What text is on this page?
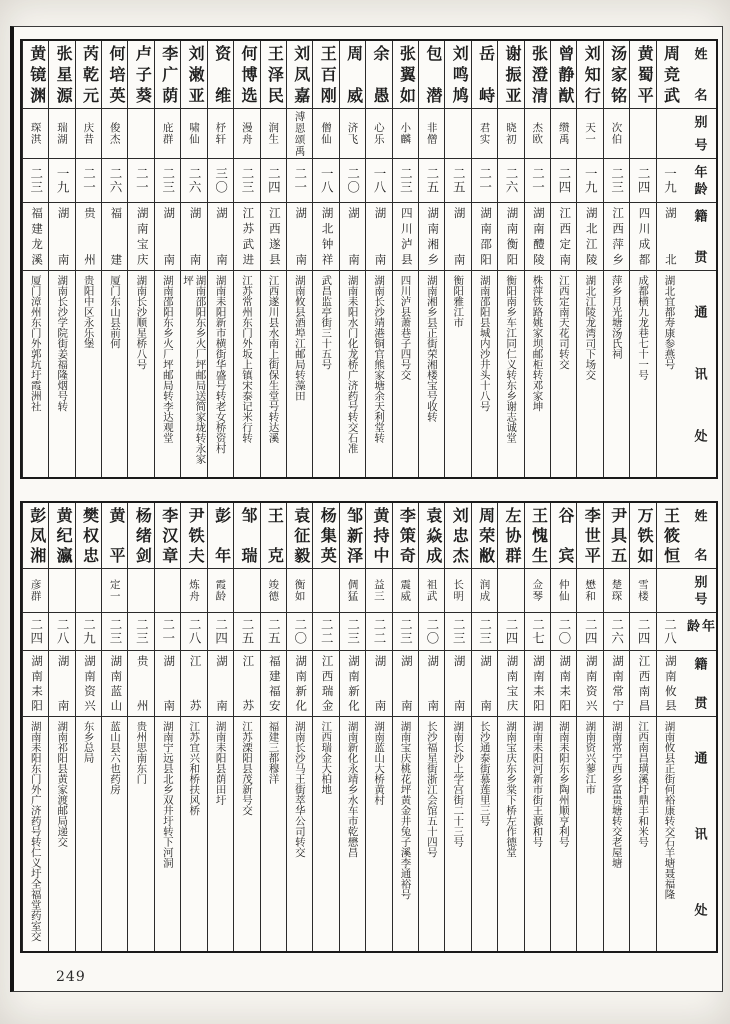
姓名
别号
年龄
籍贯
通讯处
周竞武
一九
湖北
湖北宜都寿康参燕号
黄蜀平
二四
四川成都
成都横九龙巷七十一号
汤家铭
次伯
二三
江西萍乡
萍乡月光塘汤氏祠
刘知行
天一
一九
湖北江陵
湖北江陵龙湾司下场交
曾静猷
缵禹
二四
江西定南
江西定南天花司转交
张澄清
杰欧
二一
湖南醴陵
株萍铁路姚家坝邮柜转邓家坤
谢振亚
晓初
二六
湖南衡阳
衡阳南乡车江同仁义转东乡谢志诚堂
岳峙
君实
二一
湖南邵阳
湖南邵阳县城内沙井头十八号
刘鸣鸠
二五
湖南
衡阳雅江市
包潜
非僧
二五
湖南湘乡
湖南湘乡县正街荣湘楼宝号收转
张翼如
小麟
二三
四川泸县
四川泸县萧巷子四号交
余愚
心乐
一八
湖南
湖南长沙靖港铜官熊家塘余天利堂转
周威
济飞
二〇
湖南
湖南耒阳水门化龙桥广济药号转交石准
王百刚
僧仙
一八
湖北钟祥
武昌监亭街三十五号
刘凤嘉
溥恩颂禹
二一
湖南
湖南攸县酒埠江邮局转藻田
王泽民
润生
二四
江西遂县
江西遂川县水南上街保生堂号转达溪
何博选
漫舟
二三
江苏武进
江苏常州东门外坂上镇宋泰记米行转
资维
杼轩
三〇
湖南
湖南耒阳新市横街华盛号转老女桥资村
刘潄亚
啸仙
二六
湖南
湖南邵阳东乡火厂坪邮局送简家垅转永家坪
李广荫
庇群
二三
湖南
湖南邵阳东乡火厂坪邮局转李达观堂
卢子葵
二一
湖南宝庆
湖南长沙顺星桥八号
何培英
俊杰
二六
福建
厦门东山县前何
芮乾元
庆昔
二一
贵州
贵阳中区永乐堡
张星源
瑞湖
一九
湖南
湖南长沙学院街姜福隆烟号转
黄镜渊
琛淇
二三
福建龙溪
厦门漳州东门外郭坑圩霞洲社
姓名
别号
年龄
籍贯
通讯处
王筱恒
二八
湖南攸县
湖南攸县正街何裕康转交石羊塘聂福隆
万铁如
雪楼
二四
江西南昌
江西南昌璜溪圩鼎丰和米号
尹具五
楚琛
二六
湖南常宁
湖南常宁西乡富贵塘转交老屋塘
李世平
懋和
二四
湖南资兴
湖南资兴蓼江市
谷宾
仲仙
二〇
湖南耒阳
湖南耒阳东乡陶州顺亨利号
王愧生
佥琴
二七
湖南耒阳
湖南耒阳河新市街王源和号
左协群
二四
湖南宝庆
湖南宝庆东乡棠下桥左作德堂
周荣敝
润成
二三
湖南
长沙通泰街慕莲里三号
刘忠杰
长明
二三
湖南
湖南长沙上学宫街二十三号
袁焱成
祖武
二〇
湖南
长沙福星街浙江会馆五十四号
李策奇
震威
二三
湖南
湖南宝庆桃花坪黄金井兔子溪李通裕号
黄持中
益三
二二
湖南
湖南蓝山大桥黄村
邹新泽
倜猛
二三
湖南新化
湖南新化永靖乡水车市乾懋昌
杨集英
二二
江西瑞金
江西瑞金大柏地
袁征毅
衡如
二〇
湖南新化
湖南长沙马王街萃华公司转交
王克
竣德
二五
福建福安
福建三都穆洋
邹瑞
二五
江苏
江苏溧阳县茂新号交
彭年
霞龄
二四
湖南
湖南耒阳县荫田圩
尹铁夫
炼舟
二八
江苏
江苏宜兴和桥扶风桥
李汉章
二一
湖南
湖南宁远县北乡双井圩转下河洞
杨绪剑
二三
贵州
贵州思南东门
黄平
定一
二三
湖南蓝山
蓝山县六也药房
樊权忠
二九
湖南资兴
东乡总局
黄纪瀛
二八
湖南
湖南祁阳县黄家渡邮局递交
彭凤湘
彦群
二四
湖南耒阳
湖南耒阳东门外广济药号转仁义圩全福堂药室交
249
